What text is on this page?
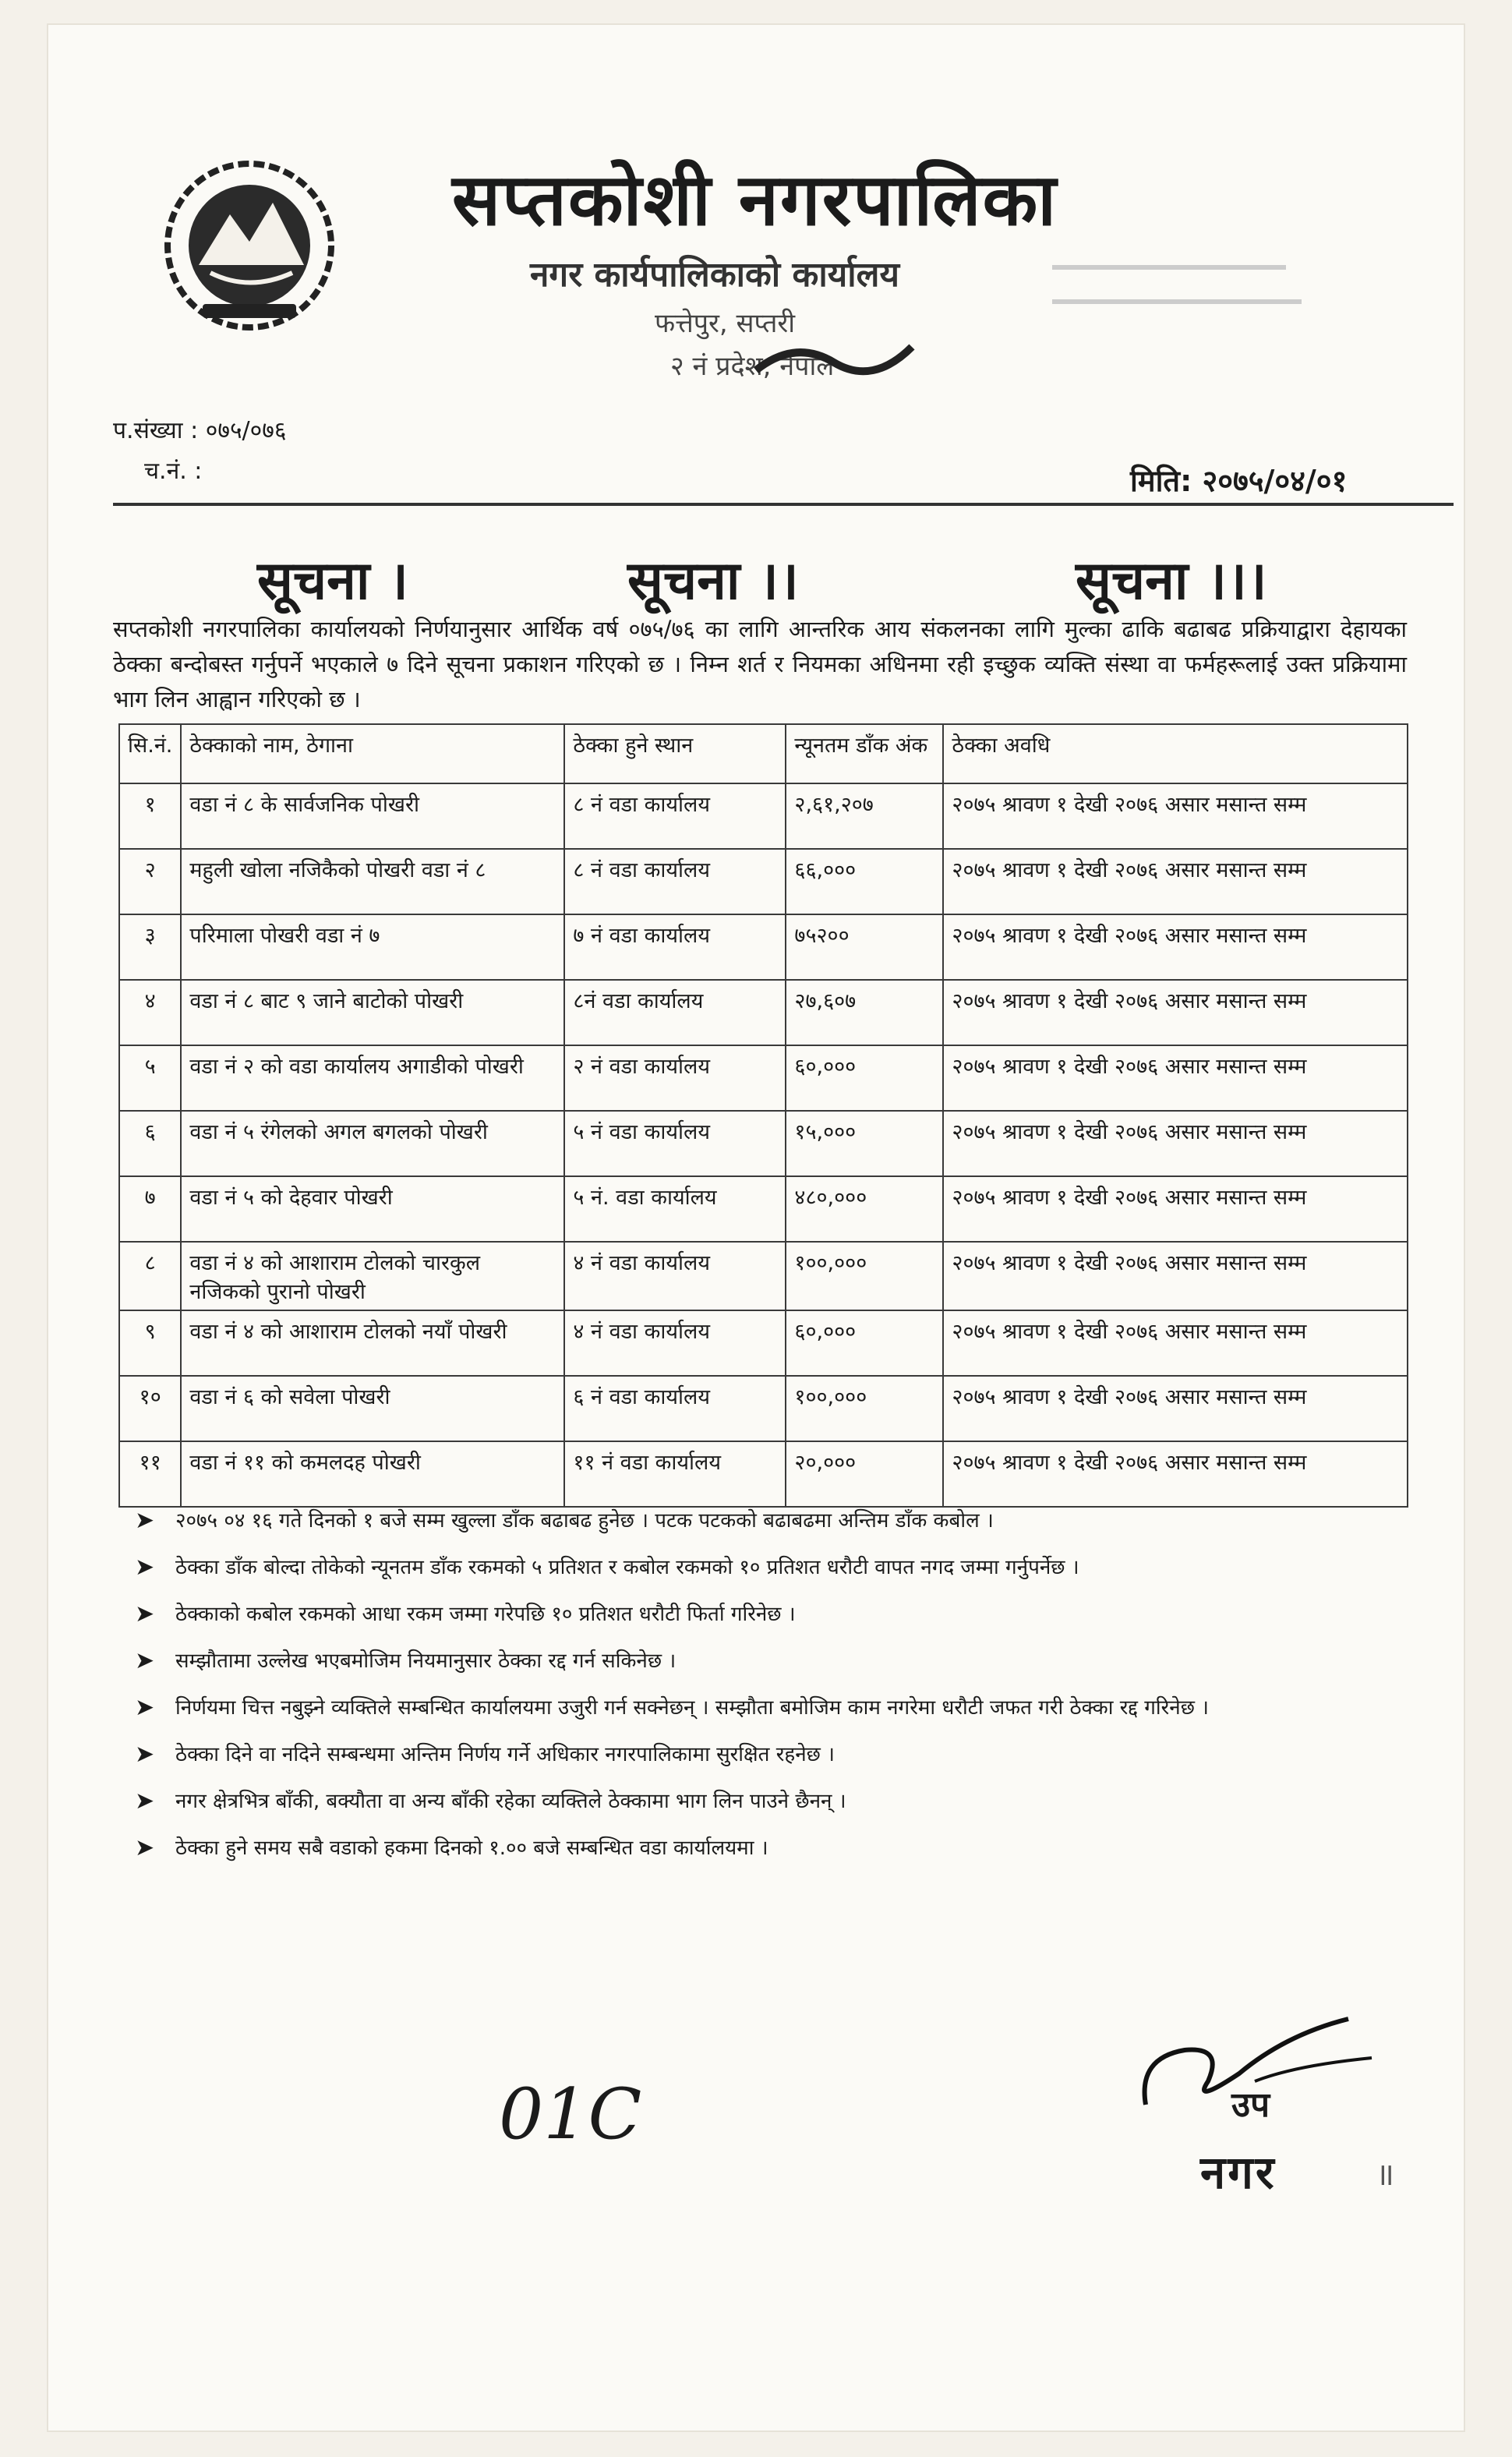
सप्तकोशी नगरपालिका
नगर कार्यपालिकाको कार्यालय
फत्तेपुर, सप्तरी
२ नं प्रदेश, नेपाल
प.संख्या : ०७५/०७६
च.नं. :	मिति: २०७५/०४/०१
सूचना ।	सूचना ।।	सूचना ।।।
सप्तकोशी नगरपालिका कार्यालयको निर्णयानुसार आर्थिक वर्ष ०७५/७६ का लागि आन्तरिक आय संकलनका लागि मुल्का ढाकि बढाबढ प्रक्रियाद्वारा देहायका ठेक्का बन्दोबस्त गर्नुपर्ने भएकाले ७ दिने सूचना प्रकाशन गरिएको छ । निम्न शर्त र नियमका अधिनमा रही इच्छुक व्यक्ति संस्था वा फर्महरूलाई उक्त प्रक्रियामा भाग लिन आह्वान गरिएको छ ।
सि.नं.	ठेक्काको नाम, ठेगाना	ठेक्का हुने स्थान	न्यूनतम डाँक अंक	ठेक्का अवधि
१	वडा नं ८ के सार्वजनिक पोखरी	८ नं वडा कार्यालय	२,६१,२०७	२०७५ श्रावण १ देखी २०७६ असार मसान्त सम्म
२	महुली खोला नजिकैको पोखरी वडा नं ८	८ नं वडा कार्यालय	६६,०००	२०७५ श्रावण १ देखी २०७६ असार मसान्त सम्म
३	परिमाला पोखरी वडा नं ७	७ नं वडा कार्यालय	७५२००	२०७५ श्रावण १ देखी २०७६ असार मसान्त सम्म
४	वडा नं ८ बाट ९ जाने बाटोको पोखरी	८नं वडा कार्यालय	२७,६०७	२०७५ श्रावण १ देखी २०७६ असार मसान्त सम्म
५	वडा नं २ को वडा कार्यालय अगाडीको पोखरी	२ नं वडा कार्यालय	६०,०००	२०७५ श्रावण १ देखी २०७६ असार मसान्त सम्म
६	वडा नं ५ रंगेलको अगल बगलको पोखरी	५ नं वडा कार्यालय	१५,०००	२०७५ श्रावण १ देखी २०७६ असार मसान्त सम्म
७	वडा नं ५ को देहवार पोखरी	५ नं. वडा कार्यालय	४८०,०००	२०७५ श्रावण १ देखी २०७६ असार मसान्त सम्म
८	वडा नं ४ को आशाराम टोलको चारकुल नजिकको पुरानो पोखरी	४ नं वडा कार्यालय	१००,०००	२०७५ श्रावण १ देखी २०७६ असार मसान्त सम्म
९	वडा नं ४ को आशाराम टोलको नयाँ पोखरी	४ नं वडा कार्यालय	६०,०००	२०७५ श्रावण १ देखी २०७६ असार मसान्त सम्म
१०	वडा नं ६ को सवेला पोखरी	६ नं वडा कार्यालय	१००,०००	२०७५ श्रावण १ देखी २०७६ असार मसान्त सम्म
११	वडा नं ११ को कमलदह पोखरी	११ नं वडा कार्यालय	२०,०००	२०७५ श्रावण १ देखी २०७६ असार मसान्त सम्म
➤ २०७५ ०४ १६ गते दिनको १ बजे सम्म खुल्ला डाँक बढाबढ हुनेछ । पटक पटकको बढाबढमा अन्तिम डाँक कबोल ।
➤ ठेक्का डाँक बोल्दा तोकेको न्यूनतम डाँक रकमको ५ प्रतिशत र कबोल रकमको १० प्रतिशत धरौटी वापत नगद जम्मा गर्नुपर्नेछ ।
➤ ठेक्काको कबोल रकमको आधा रकम जम्मा गरेपछि १० प्रतिशत धरौटी फिर्ता गरिनेछ ।
➤ सम्झौतामा उल्लेख भएबमोजिम नियमानुसार ठेक्का रद्द गर्न सकिनेछ ।
➤ निर्णयमा चित्त नबुझ्ने व्यक्तिले सम्बन्धित कार्यालयमा उजुरी गर्न सक्नेछन् । सम्झौता बमोजिम काम नगरेमा धरौटी जफत गरी ठेक्का रद्द गरिनेछ ।
➤ ठेक्का दिने वा नदिने सम्बन्धमा अन्तिम निर्णय गर्ने अधिकार नगरपालिकामा सुरक्षित रहनेछ ।
➤ नगर क्षेत्रभित्र बाँकी, बक्यौता वा अन्य बाँकी रहेका व्यक्तिले ठेक्कामा भाग लिन पाउने छैनन् ।
➤ ठेक्का हुने समय सबै वडाको हकमा दिनको १.०० बजे सम्बन्धित वडा कार्यालयमा ।
01C	उप
नगर	॥
